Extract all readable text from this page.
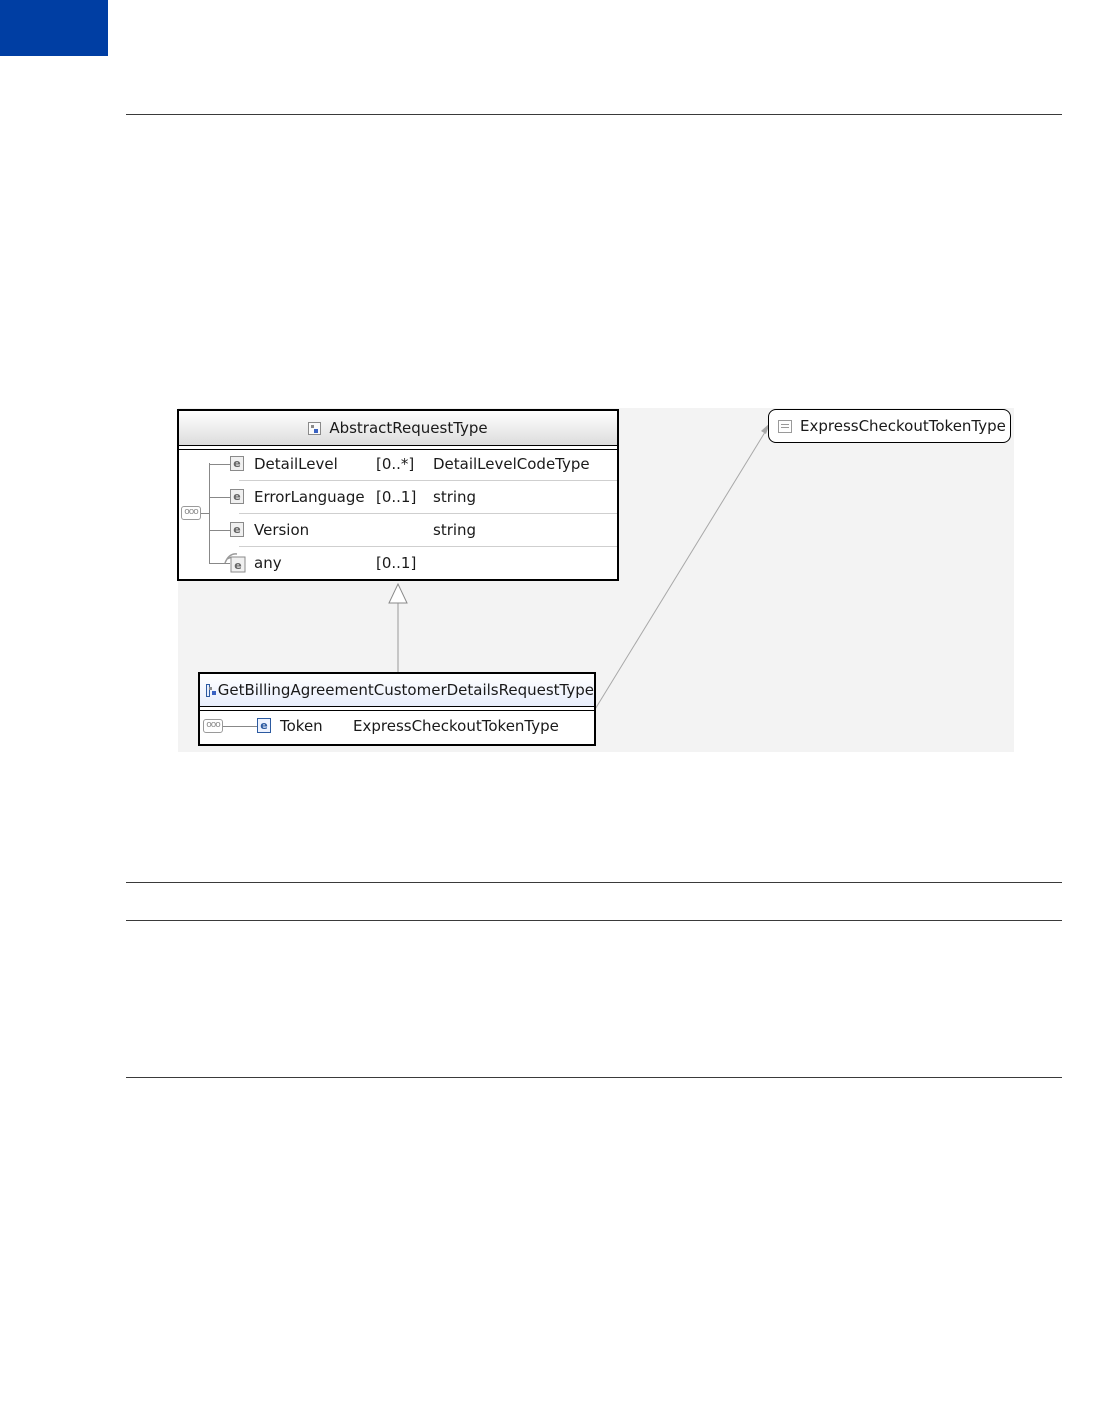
AbstractRequestType
ooo
e DetailLevel	[0..*] DetailLevelCodeType
e ErrorLanguage [0..1] string
e Version	string
e any	[0..1]
GetBillingAgreementCustomerDetailsRequestType
ooo	e Token ExpressCheckoutTokenType
ExpressCheckoutTokenType
